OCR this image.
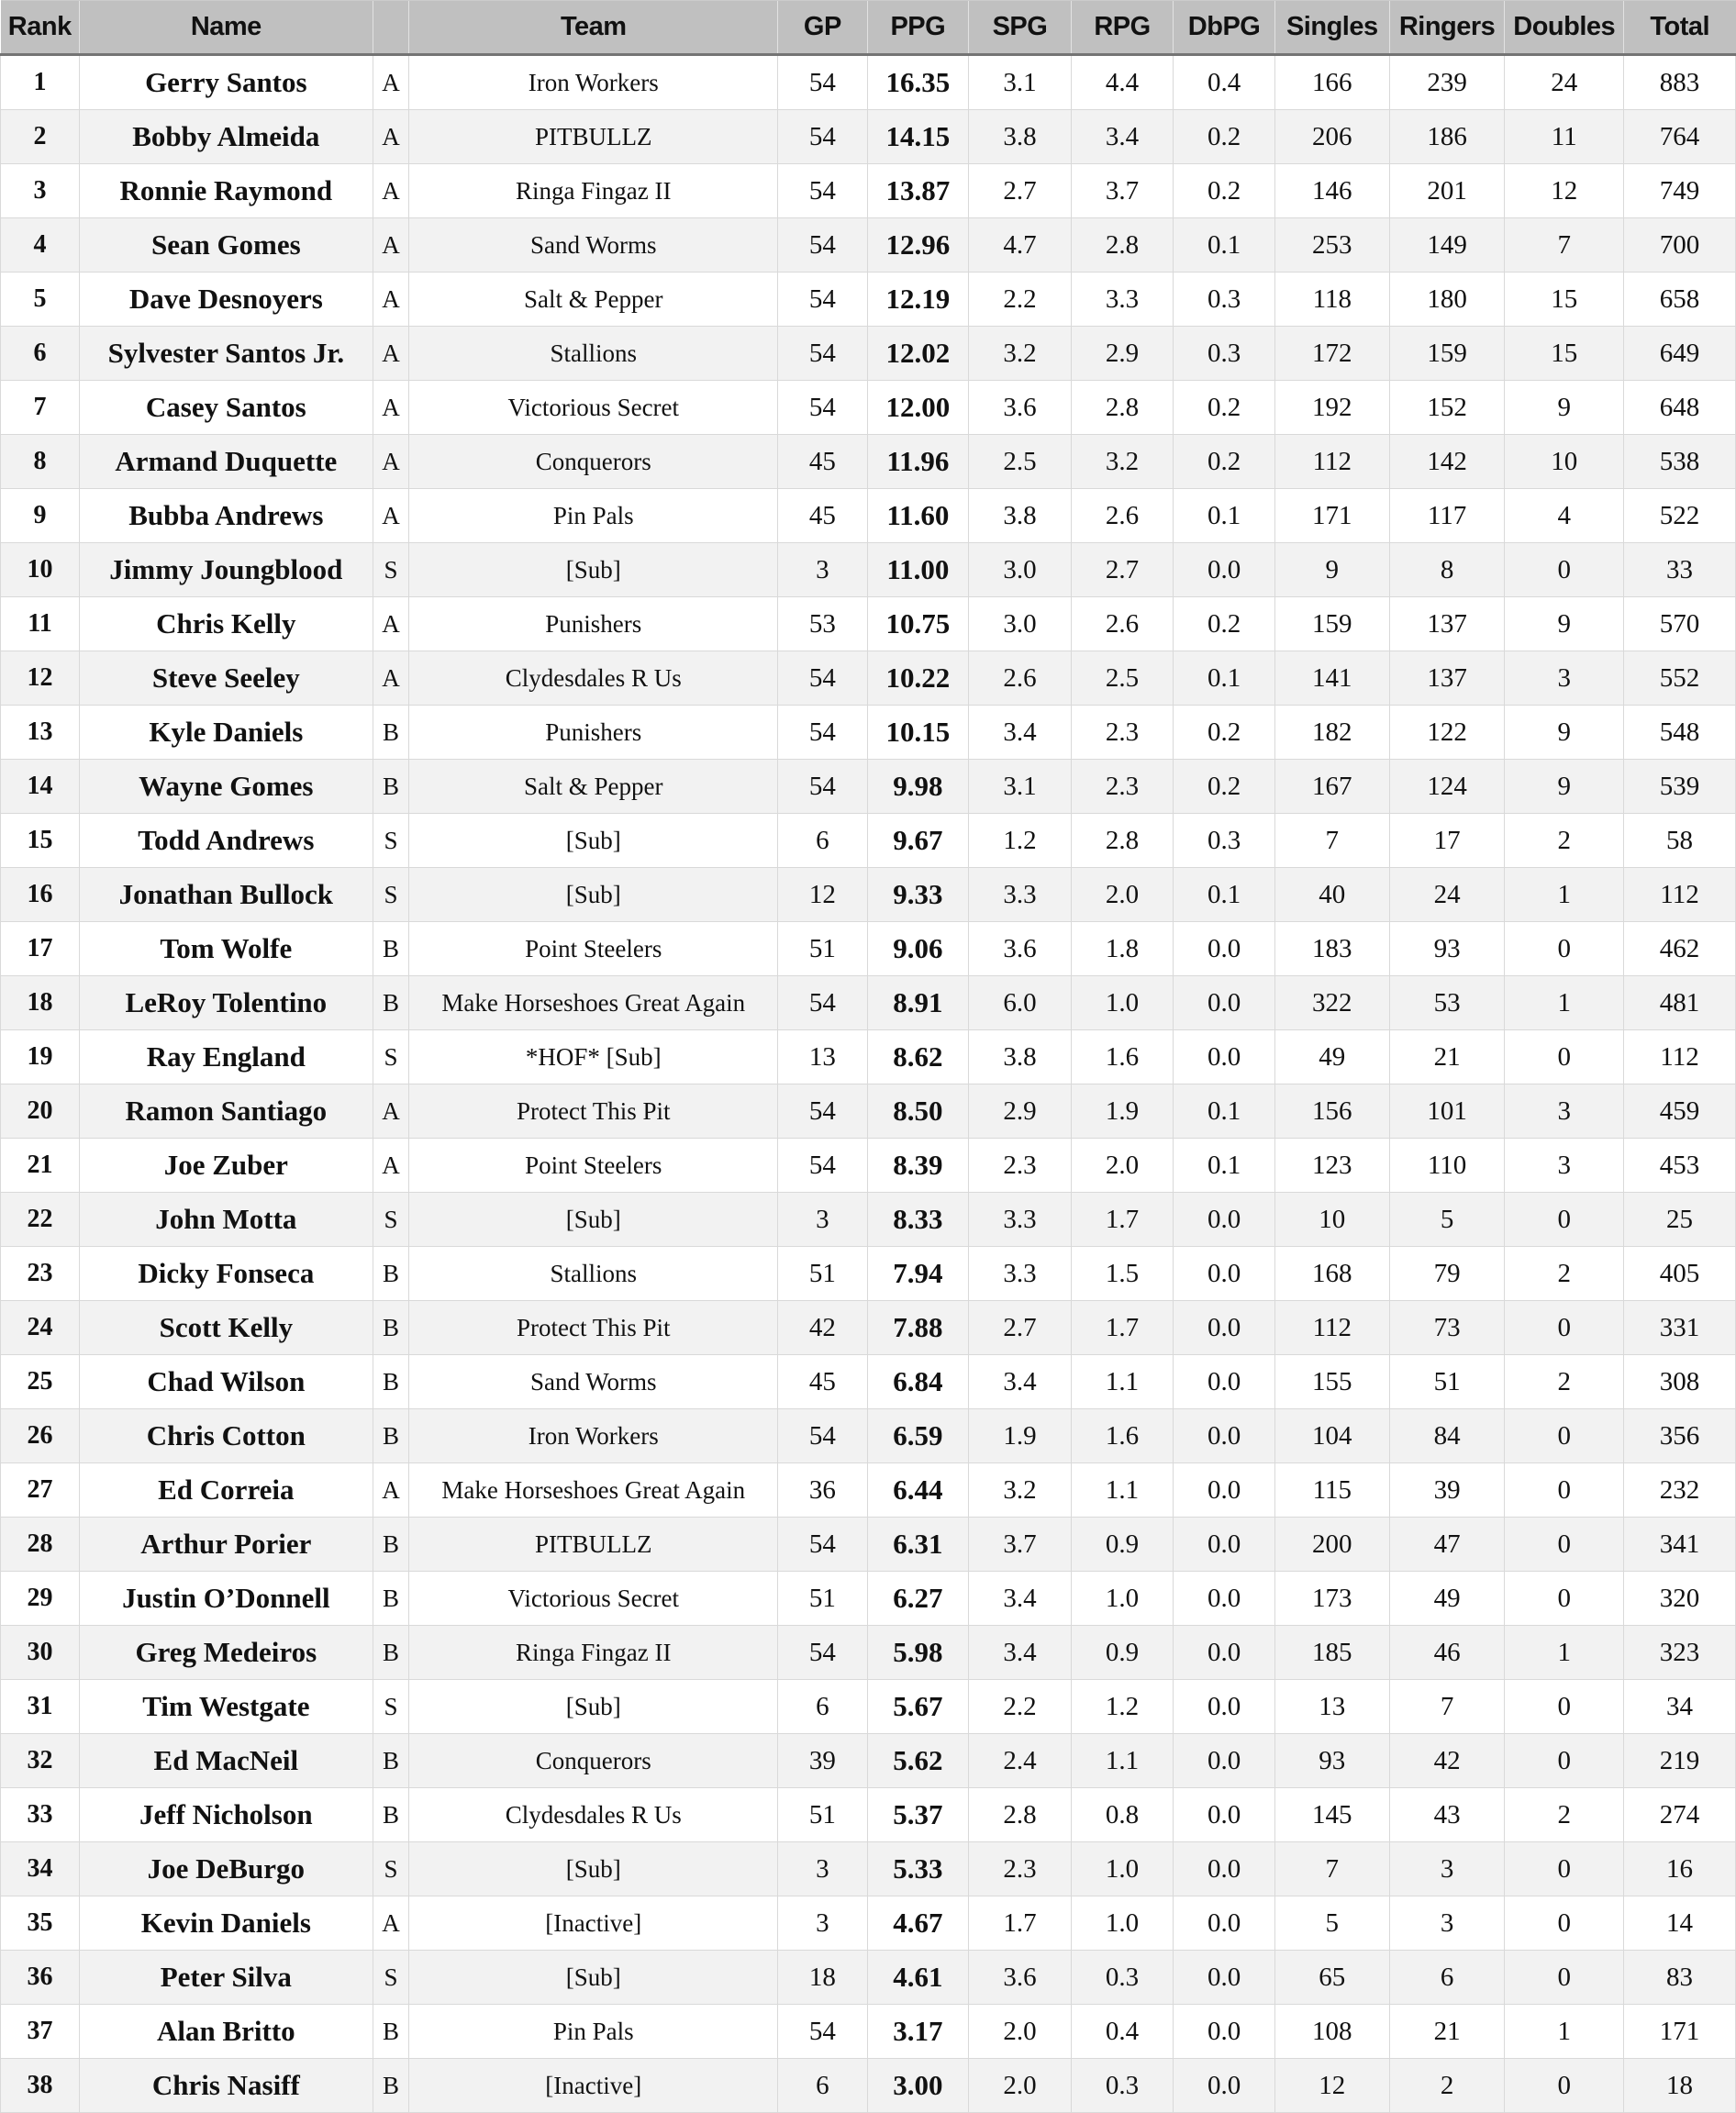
Rank	Name		Team	GP	PPG	SPG	RPG	DbPG	Singles	Ringers	Doubles	Total
1	Gerry Santos	A	Iron Workers	54	16.35	3.1	4.4	0.4	166	239	24	883
2	Bobby Almeida	A	PITBULLZ	54	14.15	3.8	3.4	0.2	206	186	11	764
3	Ronnie Raymond	A	Ringa Fingaz II	54	13.87	2.7	3.7	0.2	146	201	12	749
4	Sean Gomes	A	Sand Worms	54	12.96	4.7	2.8	0.1	253	149	7	700
5	Dave Desnoyers	A	Salt & Pepper	54	12.19	2.2	3.3	0.3	118	180	15	658
6	Sylvester Santos Jr.	A	Stallions	54	12.02	3.2	2.9	0.3	172	159	15	649
7	Casey Santos	A	Victorious Secret	54	12.00	3.6	2.8	0.2	192	152	9	648
8	Armand Duquette	A	Conquerors	45	11.96	2.5	3.2	0.2	112	142	10	538
9	Bubba Andrews	A	Pin Pals	45	11.60	3.8	2.6	0.1	171	117	4	522
10	Jimmy Joungblood	S	[Sub]	3	11.00	3.0	2.7	0.0	9	8	0	33
11	Chris Kelly	A	Punishers	53	10.75	3.0	2.6	0.2	159	137	9	570
12	Steve Seeley	A	Clydesdales R Us	54	10.22	2.6	2.5	0.1	141	137	3	552
13	Kyle Daniels	B	Punishers	54	10.15	3.4	2.3	0.2	182	122	9	548
14	Wayne Gomes	B	Salt & Pepper	54	9.98	3.1	2.3	0.2	167	124	9	539
15	Todd Andrews	S	[Sub]	6	9.67	1.2	2.8	0.3	7	17	2	58
16	Jonathan Bullock	S	[Sub]	12	9.33	3.3	2.0	0.1	40	24	1	112
17	Tom Wolfe	B	Point Steelers	51	9.06	3.6	1.8	0.0	183	93	0	462
18	LeRoy Tolentino	B	Make Horseshoes Great Again	54	8.91	6.0	1.0	0.0	322	53	1	481
19	Ray England	S	*HOF* [Sub]	13	8.62	3.8	1.6	0.0	49	21	0	112
20	Ramon Santiago	A	Protect This Pit	54	8.50	2.9	1.9	0.1	156	101	3	459
21	Joe Zuber	A	Point Steelers	54	8.39	2.3	2.0	0.1	123	110	3	453
22	John Motta	S	[Sub]	3	8.33	3.3	1.7	0.0	10	5	0	25
23	Dicky Fonseca	B	Stallions	51	7.94	3.3	1.5	0.0	168	79	2	405
24	Scott Kelly	B	Protect This Pit	42	7.88	2.7	1.7	0.0	112	73	0	331
25	Chad Wilson	B	Sand Worms	45	6.84	3.4	1.1	0.0	155	51	2	308
26	Chris Cotton	B	Iron Workers	54	6.59	1.9	1.6	0.0	104	84	0	356
27	Ed Correia	A	Make Horseshoes Great Again	36	6.44	3.2	1.1	0.0	115	39	0	232
28	Arthur Porier	B	PITBULLZ	54	6.31	3.7	0.9	0.0	200	47	0	341
29	Justin O’Donnell	B	Victorious Secret	51	6.27	3.4	1.0	0.0	173	49	0	320
30	Greg Medeiros	B	Ringa Fingaz II	54	5.98	3.4	0.9	0.0	185	46	1	323
31	Tim Westgate	S	[Sub]	6	5.67	2.2	1.2	0.0	13	7	0	34
32	Ed MacNeil	B	Conquerors	39	5.62	2.4	1.1	0.0	93	42	0	219
33	Jeff Nicholson	B	Clydesdales R Us	51	5.37	2.8	0.8	0.0	145	43	2	274
34	Joe DeBurgo	S	[Sub]	3	5.33	2.3	1.0	0.0	7	3	0	16
35	Kevin Daniels	A	[Inactive]	3	4.67	1.7	1.0	0.0	5	3	0	14
36	Peter Silva	S	[Sub]	18	4.61	3.6	0.3	0.0	65	6	0	83
37	Alan Britto	B	Pin Pals	54	3.17	2.0	0.4	0.0	108	21	1	171
38	Chris Nasiff	B	[Inactive]	6	3.00	2.0	0.3	0.0	12	2	0	18
